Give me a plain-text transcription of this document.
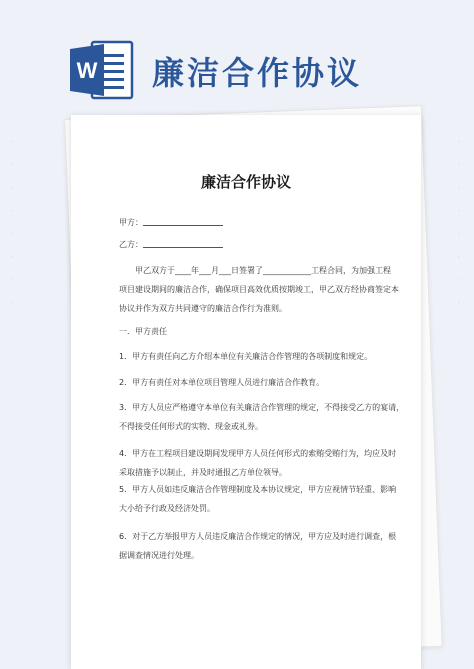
W 廉洁合作协议
· · · · · · · ·	· · · · · · · ·
廉洁合作协议
甲方：
乙方：
甲乙双方于____年___月___日签署了____________工程合同，为加强工程
项目建设期间的廉洁合作，确保项目高效优质按期竣工，甲乙双方经协商签定本
协议并作为双方共同遵守的廉洁合作行为准则。
一．甲方责任
1．甲方有责任向乙方介绍本单位有关廉洁合作管理的各项制度和规定。
2．甲方有责任对本单位项目管理人员进行廉洁合作教育。
3．甲方人员应严格遵守本单位有关廉洁合作管理的规定，不得接受乙方的宴请，
不得接受任何形式的实物、现金或礼券。
4．甲方在工程项目建设期间发现甲方人员任何形式的索贿受贿行为，均应及时
采取措施予以制止，并及时通报乙方单位领导。
5．甲方人员如违反廉洁合作管理制度及本协议规定，甲方应视情节轻重、影响
大小给予行政及经济处罚。
6．对于乙方举报甲方人员违反廉洁合作规定的情况，甲方应及时进行调查，根
据调查情况进行处理。
